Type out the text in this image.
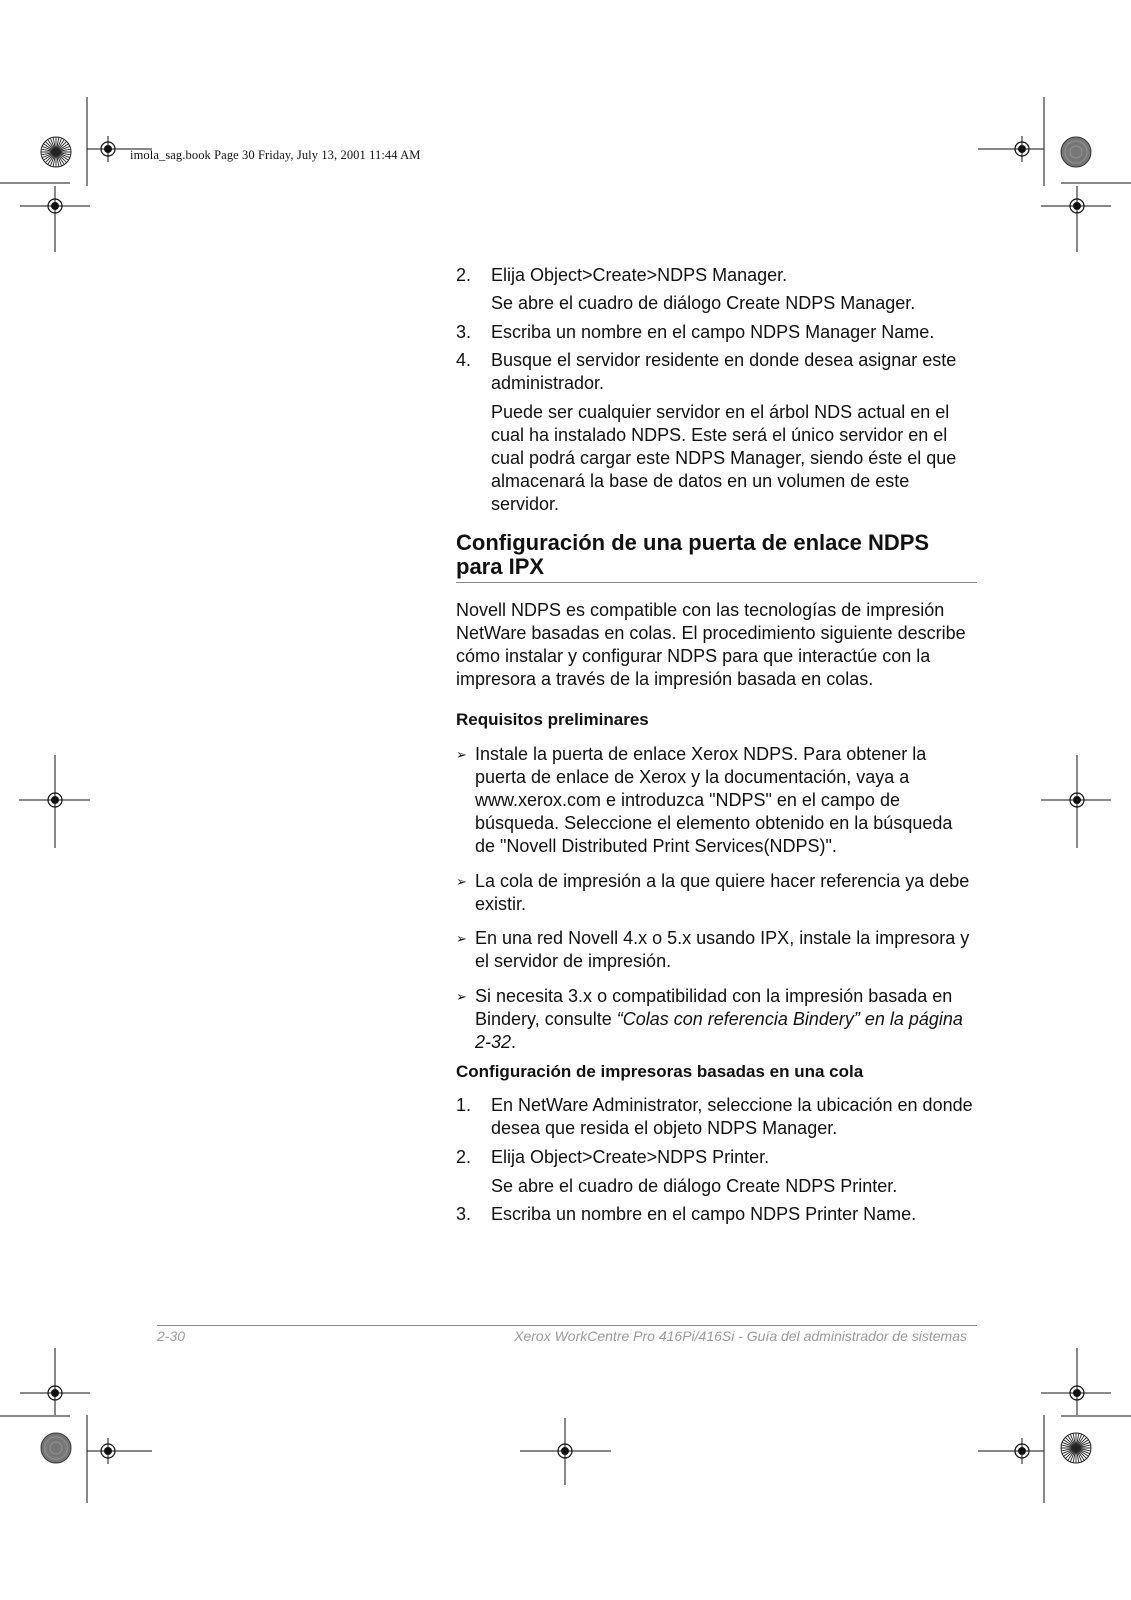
imola_sag.book Page 30 Friday, July 13, 2001 11:44 AM
2.	Elija Object>Create>NDPS Manager.
Se abre el cuadro de diálogo Create NDPS Manager.
3.	Escriba un nombre en el campo NDPS Manager Name.
4.	Busque el servidor residente en donde desea asignar este administrador.
Puede ser cualquier servidor en el árbol NDS actual en el cual ha instalado NDPS. Este será el único servidor en el cual podrá cargar este NDPS Manager, siendo éste el que almacenará la base de datos en un volumen de este servidor.
Configuración de una puerta de enlace NDPS para IPX
Novell NDPS es compatible con las tecnologías de impresión NetWare basadas en colas. El procedimiento siguiente describe cómo instalar y configurar NDPS para que interactúe con la impresora a través de la impresión basada en colas.
Requisitos preliminares
➢ Instale la puerta de enlace Xerox NDPS. Para obtener la puerta de enlace de Xerox y la documentación, vaya a www.xerox.com e introduzca "NDPS" en el campo de búsqueda. Seleccione el elemento obtenido en la búsqueda de "Novell Distributed Print Services(NDPS)".
➢ La cola de impresión a la que quiere hacer referencia ya debe existir.
➢ En una red Novell 4.x o 5.x usando IPX, instale la impresora y el servidor de impresión.
➢ Si necesita 3.x o compatibilidad con la impresión basada en Bindery, consulte “Colas con referencia Bindery” en la página 2-32.
Configuración de impresoras basadas en una cola
1.	En NetWare Administrator, seleccione la ubicación en donde desea que resida el objeto NDPS Manager.
2.	Elija Object>Create>NDPS Printer.
Se abre el cuadro de diálogo Create NDPS Printer.
3.	Escriba un nombre en el campo NDPS Printer Name.
2-30	Xerox WorkCentre Pro 416Pi/416Si - Guía del administrador de sistemas
